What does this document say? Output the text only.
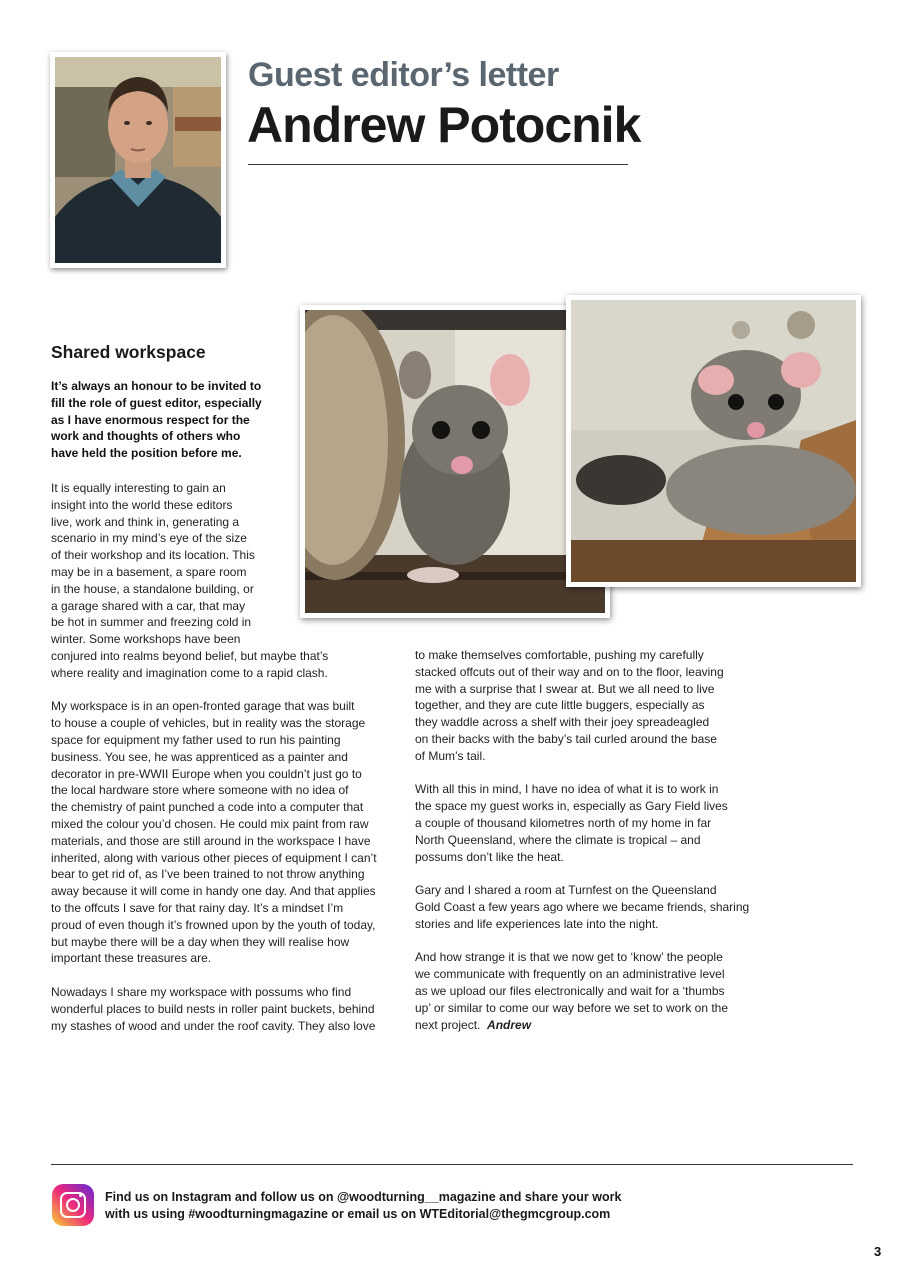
Guest editor’s letter
Andrew Potocnik
Shared workspace
It’s always an honour to be invited to
fill the role of guest editor, especially
as I have enormous respect for the
work and thoughts of others who
have held the position before me.
It is equally interesting to gain an
insight into the world these editors
live, work and think in, generating a
scenario in my mind’s eye of the size
of their workshop and its location. This
may be in a basement, a spare room
in the house, a standalone building, or
a garage shared with a car, that may
be hot in summer and freezing cold in
winter. Some workshops have been
conjured into realms beyond belief, but maybe that’s
where reality and imagination come to a rapid clash.

My workspace is in an open-fronted garage that was built
to house a couple of vehicles, but in reality was the storage
space for equipment my father used to run his painting
business. You see, he was apprenticed as a painter and
decorator in pre-WWII Europe when you couldn’t just go to
the local hardware store where someone with no idea of
the chemistry of paint punched a code into a computer that
mixed the colour you’d chosen. He could mix paint from raw
materials, and those are still around in the workspace I have
inherited, along with various other pieces of equipment I can’t
bear to get rid of, as I’ve been trained to not throw anything
away because it will come in handy one day. And that applies
to the offcuts I save for that rainy day. It’s a mindset I’m
proud of even though it’s frowned upon by the youth of today,
but maybe there will be a day when they will realise how
important these treasures are.

Nowadays I share my workspace with possums who find
wonderful places to build nests in roller paint buckets, behind
my stashes of wood and under the roof cavity. They also love
to make themselves comfortable, pushing my carefully
stacked offcuts out of their way and on to the floor, leaving
me with a surprise that I swear at. But we all need to live
together, and they are cute little buggers, especially as
they waddle across a shelf with their joey spreadeagled
on their backs with the baby’s tail curled around the base
of Mum’s tail.

With all this in mind, I have no idea of what it is to work in
the space my guest works in, especially as Gary Field lives
a couple of thousand kilometres north of my home in far
North Queensland, where the climate is tropical – and
possums don’t like the heat.

Gary and I shared a room at Turnfest on the Queensland
Gold Coast a few years ago where we became friends, sharing
stories and life experiences late into the night.

And how strange it is that we now get to ‘know’ the people
we communicate with frequently on an administrative level
as we upload our files electronically and wait for a ‘thumbs
up’ or similar to come our way before we set to work on the
next project. Andrew
Find us on Instagram and follow us on @woodturning__magazine and share your work
with us using #woodturningmagazine or email us on WTEditorial@thegmcgroup.com
3
